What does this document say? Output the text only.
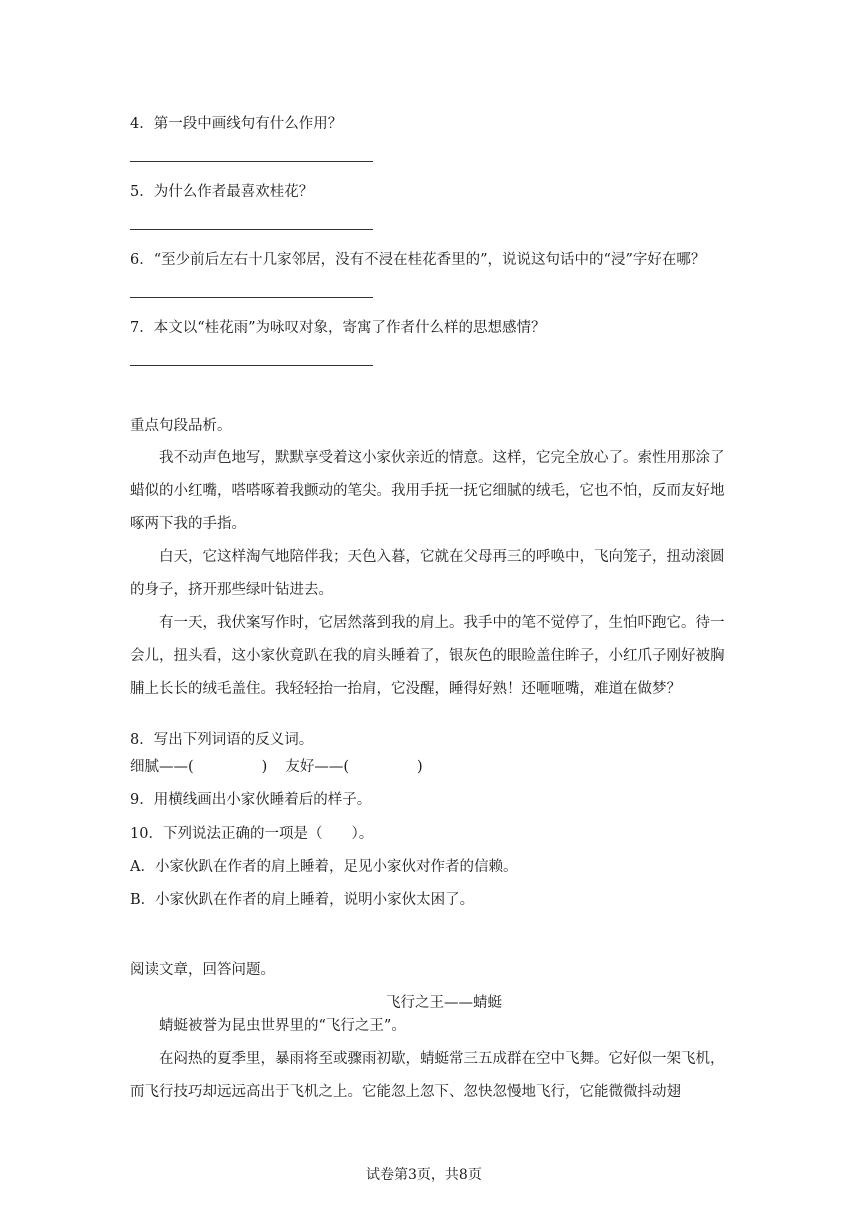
4．第一段中画线句有什么作用？
5．为什么作者最喜欢桂花？
6．“至少前后左右十几家邻居，没有不浸在桂花香里的”，说说这句话中的“浸”字好在哪？
7．本文以“桂花雨”为咏叹对象，寄寓了作者什么样的思想感情？
重点句段品析。
我不动声色地写，默默享受着这小家伙亲近的情意。这样，它完全放心了。索性用那涂了蜡似的小红嘴，嗒嗒啄着我颤动的笔尖。我用手抚一抚它细腻的绒毛，它也不怕，反而友好地啄两下我的手指。
白天，它这样淘气地陪伴我；天色入暮，它就在父母再三的呼唤中，飞向笼子，扭动滚圆的身子，挤开那些绿叶钻进去。
有一天，我伏案写作时，它居然落到我的肩上。我手中的笔不觉停了，生怕吓跑它。待一会儿，扭头看，这小家伙竟趴在我的肩头睡着了，银灰色的眼睑盖住眸子，小红爪子刚好被胸脯上长长的绒毛盖住。我轻轻抬一抬肩，它没醒，睡得好熟！还咂咂嘴，难道在做梦？
8．写出下列词语的反义词。
细腻——(	) 友好——(	)
9．用横线画出小家伙睡着后的样子。
10．下列说法正确的一项是（　　）。
A．小家伙趴在作者的肩上睡着，足见小家伙对作者的信赖。
B．小家伙趴在作者的肩上睡着，说明小家伙太困了。
阅读文章，回答问题。
飞行之王——蜻蜓
蜻蜓被誉为昆虫世界里的“飞行之王”。
在闷热的夏季里，暴雨将至或骤雨初歇，蜻蜓常三五成群在空中飞舞。它好似一架飞机，而飞行技巧却远远高出于飞机之上。它能忽上忽下、忽快忽慢地飞行，它能微微抖动翅
试卷第3页，共8页
